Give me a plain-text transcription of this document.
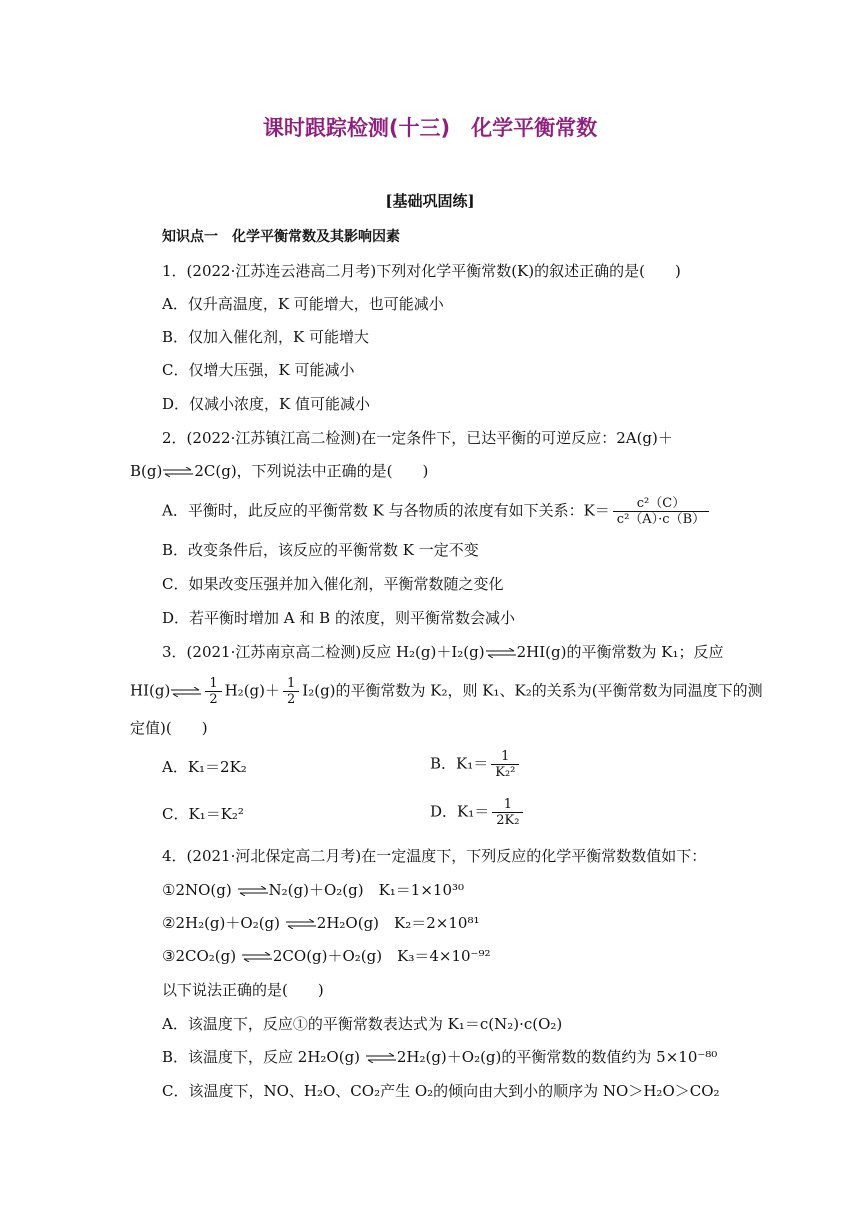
课时跟踪检测(十三)　化学平衡常数
[基础巩固练]
知识点一　化学平衡常数及其影响因素
1．(2022·江苏连云港高二月考)下列对化学平衡常数(K)的叙述正确的是(　　)
A．仅升高温度，K 可能增大，也可能减小
B．仅加入催化剂，K 可能增大
C．仅增大压强，K 可能减小
D．仅减小浓度，K 值可能减小
2．(2022·江苏镇江高二检测)在一定条件下，已达平衡的可逆反应：2A(g)＋
B(g)⇌2C(g)，下列说法中正确的是(　　)
A．平衡时，此反应的平衡常数 K 与各物质的浓度有如下关系：$K= \frac{\text{c²（C）}}{\text{c²（A）·c（B）}}$
B．改变条件后，该反应的平衡常数 K 一定不变
C．如果改变压强并加入催化剂，平衡常数随之变化
D．若平衡时增加 A 和 B 的浓度，则平衡常数会减小
3．(2021·江苏南京高二检测)反应 H₂(g)＋I₂(g)⇌2HI(g)的平衡常数为 K₁；反应
HI(g)⇌ $\frac{1}{2} H_2(g)+ \frac{1}{2} I_2(g)$的平衡常数为 K₂，则 K₁、K₂的关系为(平衡常数为同温度下的测
定值)(　　)
A．K₁＝2K₂	B．$K_1= \frac{1}{\text{K₂²}}$
C．K₁＝K₂²	D．$K_1= \frac{1}{\text{2K₂}}$
4．(2021·河北保定高二月考)在一定温度下，下列反应的化学平衡常数数值如下：
①2NO(g) ⇌N₂(g)＋O₂(g)　K₁＝1×10³⁰
②2H₂(g)＋O₂(g) ⇌2H₂O(g)　K₂＝2×10⁸¹
③2CO₂(g) ⇌2CO(g)＋O₂(g)　K₃＝4×10⁻⁹²
以下说法正确的是(　　)
A．该温度下，反应①的平衡常数表达式为 K₁＝c(N₂)·c(O₂)
B．该温度下，反应 2H₂O(g) ⇌2H₂(g)＋O₂(g)的平衡常数的数值约为 5×10⁻⁸⁰
C．该温度下，NO、H₂O、CO₂产生 O₂的倾向由大到小的顺序为 NO＞H₂O＞CO₂
